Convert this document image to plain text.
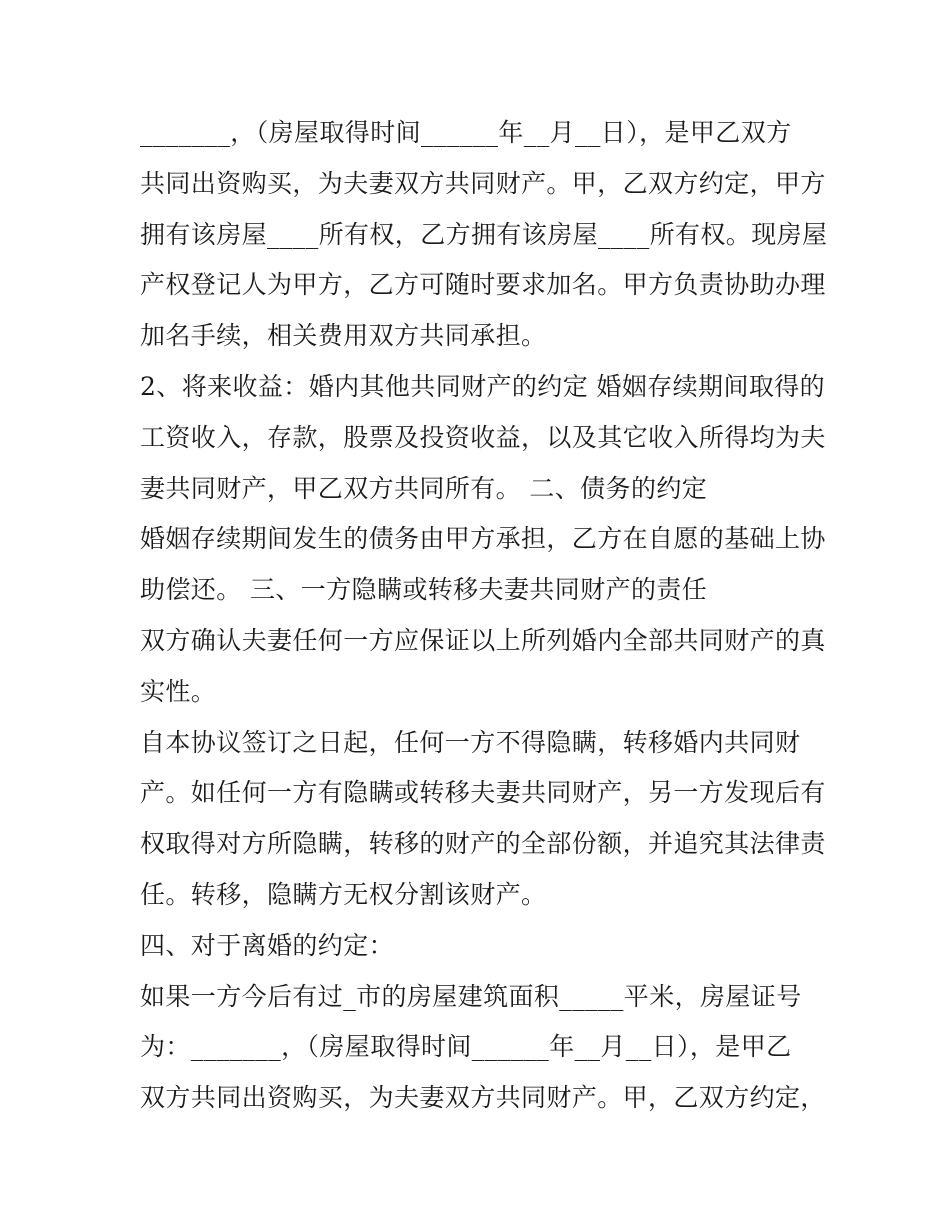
_______，（房屋取得时间______年__月__日），是甲乙双方
共同出资购买，为夫妻双方共同财产。甲，乙双方约定，甲方
拥有该房屋____所有权，乙方拥有该房屋____所有权。现房屋
产权登记人为甲方，乙方可随时要求加名。甲方负责协助办理
加名手续，相关费用双方共同承担。
2、将来收益：婚内其他共同财产的约定 婚姻存续期间取得的
工资收入，存款，股票及投资收益，以及其它收入所得均为夫
妻共同财产，甲乙双方共同所有。 二、债务的约定
婚姻存续期间发生的债务由甲方承担，乙方在自愿的基础上协
助偿还。 三、一方隐瞒或转移夫妻共同财产的责任
双方确认夫妻任何一方应保证以上所列婚内全部共同财产的真
实性。
自本协议签订之日起，任何一方不得隐瞒，转移婚内共同财
产。如任何一方有隐瞒或转移夫妻共同财产，另一方发现后有
权取得对方所隐瞒，转移的财产的全部份额，并追究其法律责
任。转移，隐瞒方无权分割该财产。
四、对于离婚的约定：
如果一方今后有过_市的房屋建筑面积_____平米，房屋证号
为：_______，（房屋取得时间______年__月__日），是甲乙
双方共同出资购买，为夫妻双方共同财产。甲，乙双方约定，
